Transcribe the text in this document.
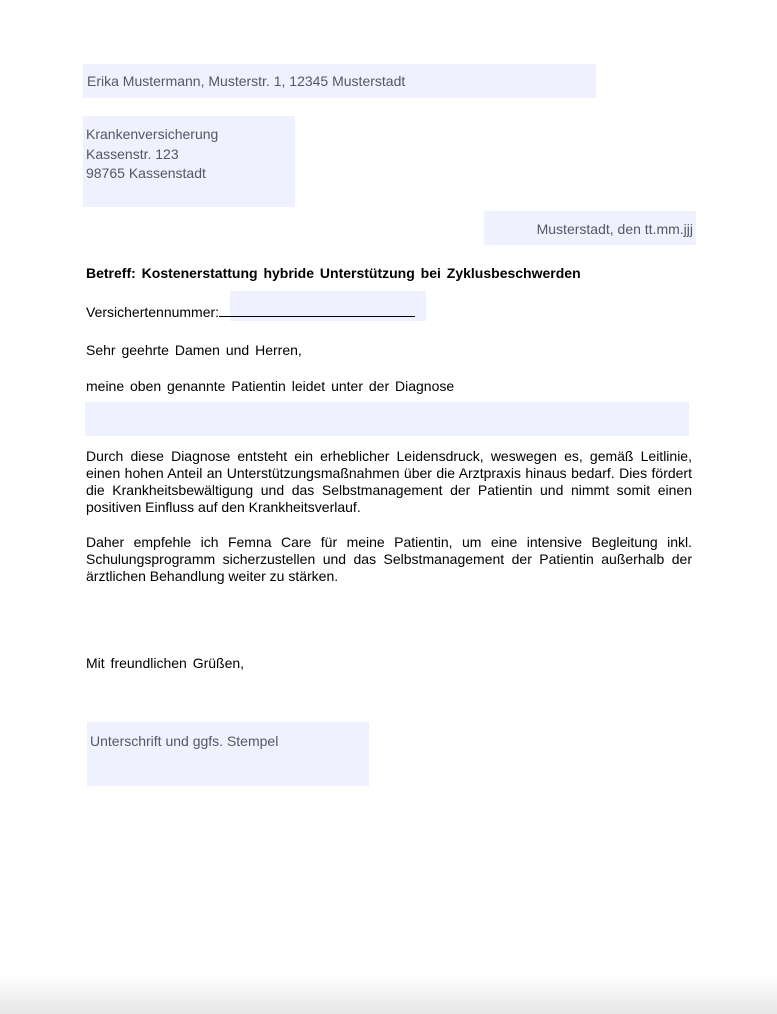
Erika Mustermann, Musterstr. 1, 12345 Musterstadt
Krankenversicherung
Kassenstr. 123
98765 Kassenstadt
Musterstadt, den tt.mm.jjj
Betreff: Kostenerstattung hybride Unterstützung bei Zyklusbeschwerden
Versichertennummer:
Sehr geehrte Damen und Herren,
meine oben genannte Patientin leidet unter der Diagnose
Durch diese Diagnose entsteht ein erheblicher Leidensdruck, weswegen es, gemäß Leitlinie, einen hohen Anteil an Unterstützungsmaßnahmen über die Arztpraxis hinaus bedarf. Dies fördert die Krankheitsbewältigung und das Selbstmanagement der Patientin und nimmt somit einen positiven Einfluss auf den Krankheitsverlauf.
Daher empfehle ich Femna Care für meine Patientin, um eine intensive Begleitung inkl. Schulungsprogramm sicherzustellen und das Selbstmanagement der Patientin außerhalb der ärztlichen Behandlung weiter zu stärken.
Mit freundlichen Grüßen,
Unterschrift und ggfs. Stempel
